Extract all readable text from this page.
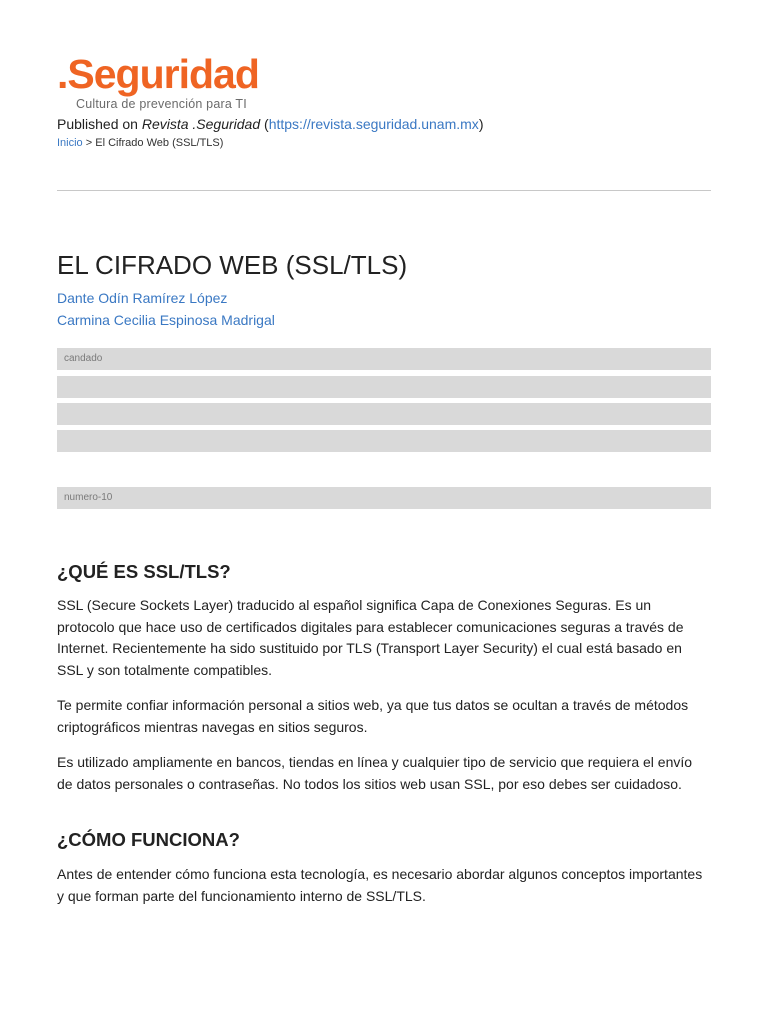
.Seguridad
Cultura de prevención para TI
Published on Revista .Seguridad (https://revista.seguridad.unam.mx)
Inicio > El Cifrado Web (SSL/TLS)
EL CIFRADO WEB (SSL/TLS)
Dante Odín Ramírez López
Carmina Cecilia Espinosa Madrigal
candado
numero-10
¿QUÉ ES SSL/TLS?

SSL (Secure Sockets Layer) traducido al español significa Capa de Conexiones Seguras. Es un protocolo que hace uso de certificados digitales para establecer comunicaciones seguras a través de Internet. Recientemente ha sido sustituido por TLS (Transport Layer Security) el cual está basado en SSL y son totalmente compatibles.

Te permite confiar información personal a sitios web, ya que tus datos se ocultan a través de métodos criptográficos mientras navegas en sitios seguros.

Es utilizado ampliamente en bancos, tiendas en línea y cualquier tipo de servicio que requiera el envío de datos personales o contraseñas. No todos los sitios web usan SSL, por eso debes ser cuidadoso.

¿CÓMO FUNCIONA?

Antes de entender cómo funciona esta tecnología, es necesario abordar algunos conceptos importantes y que forman parte del funcionamiento interno de SSL/TLS.
